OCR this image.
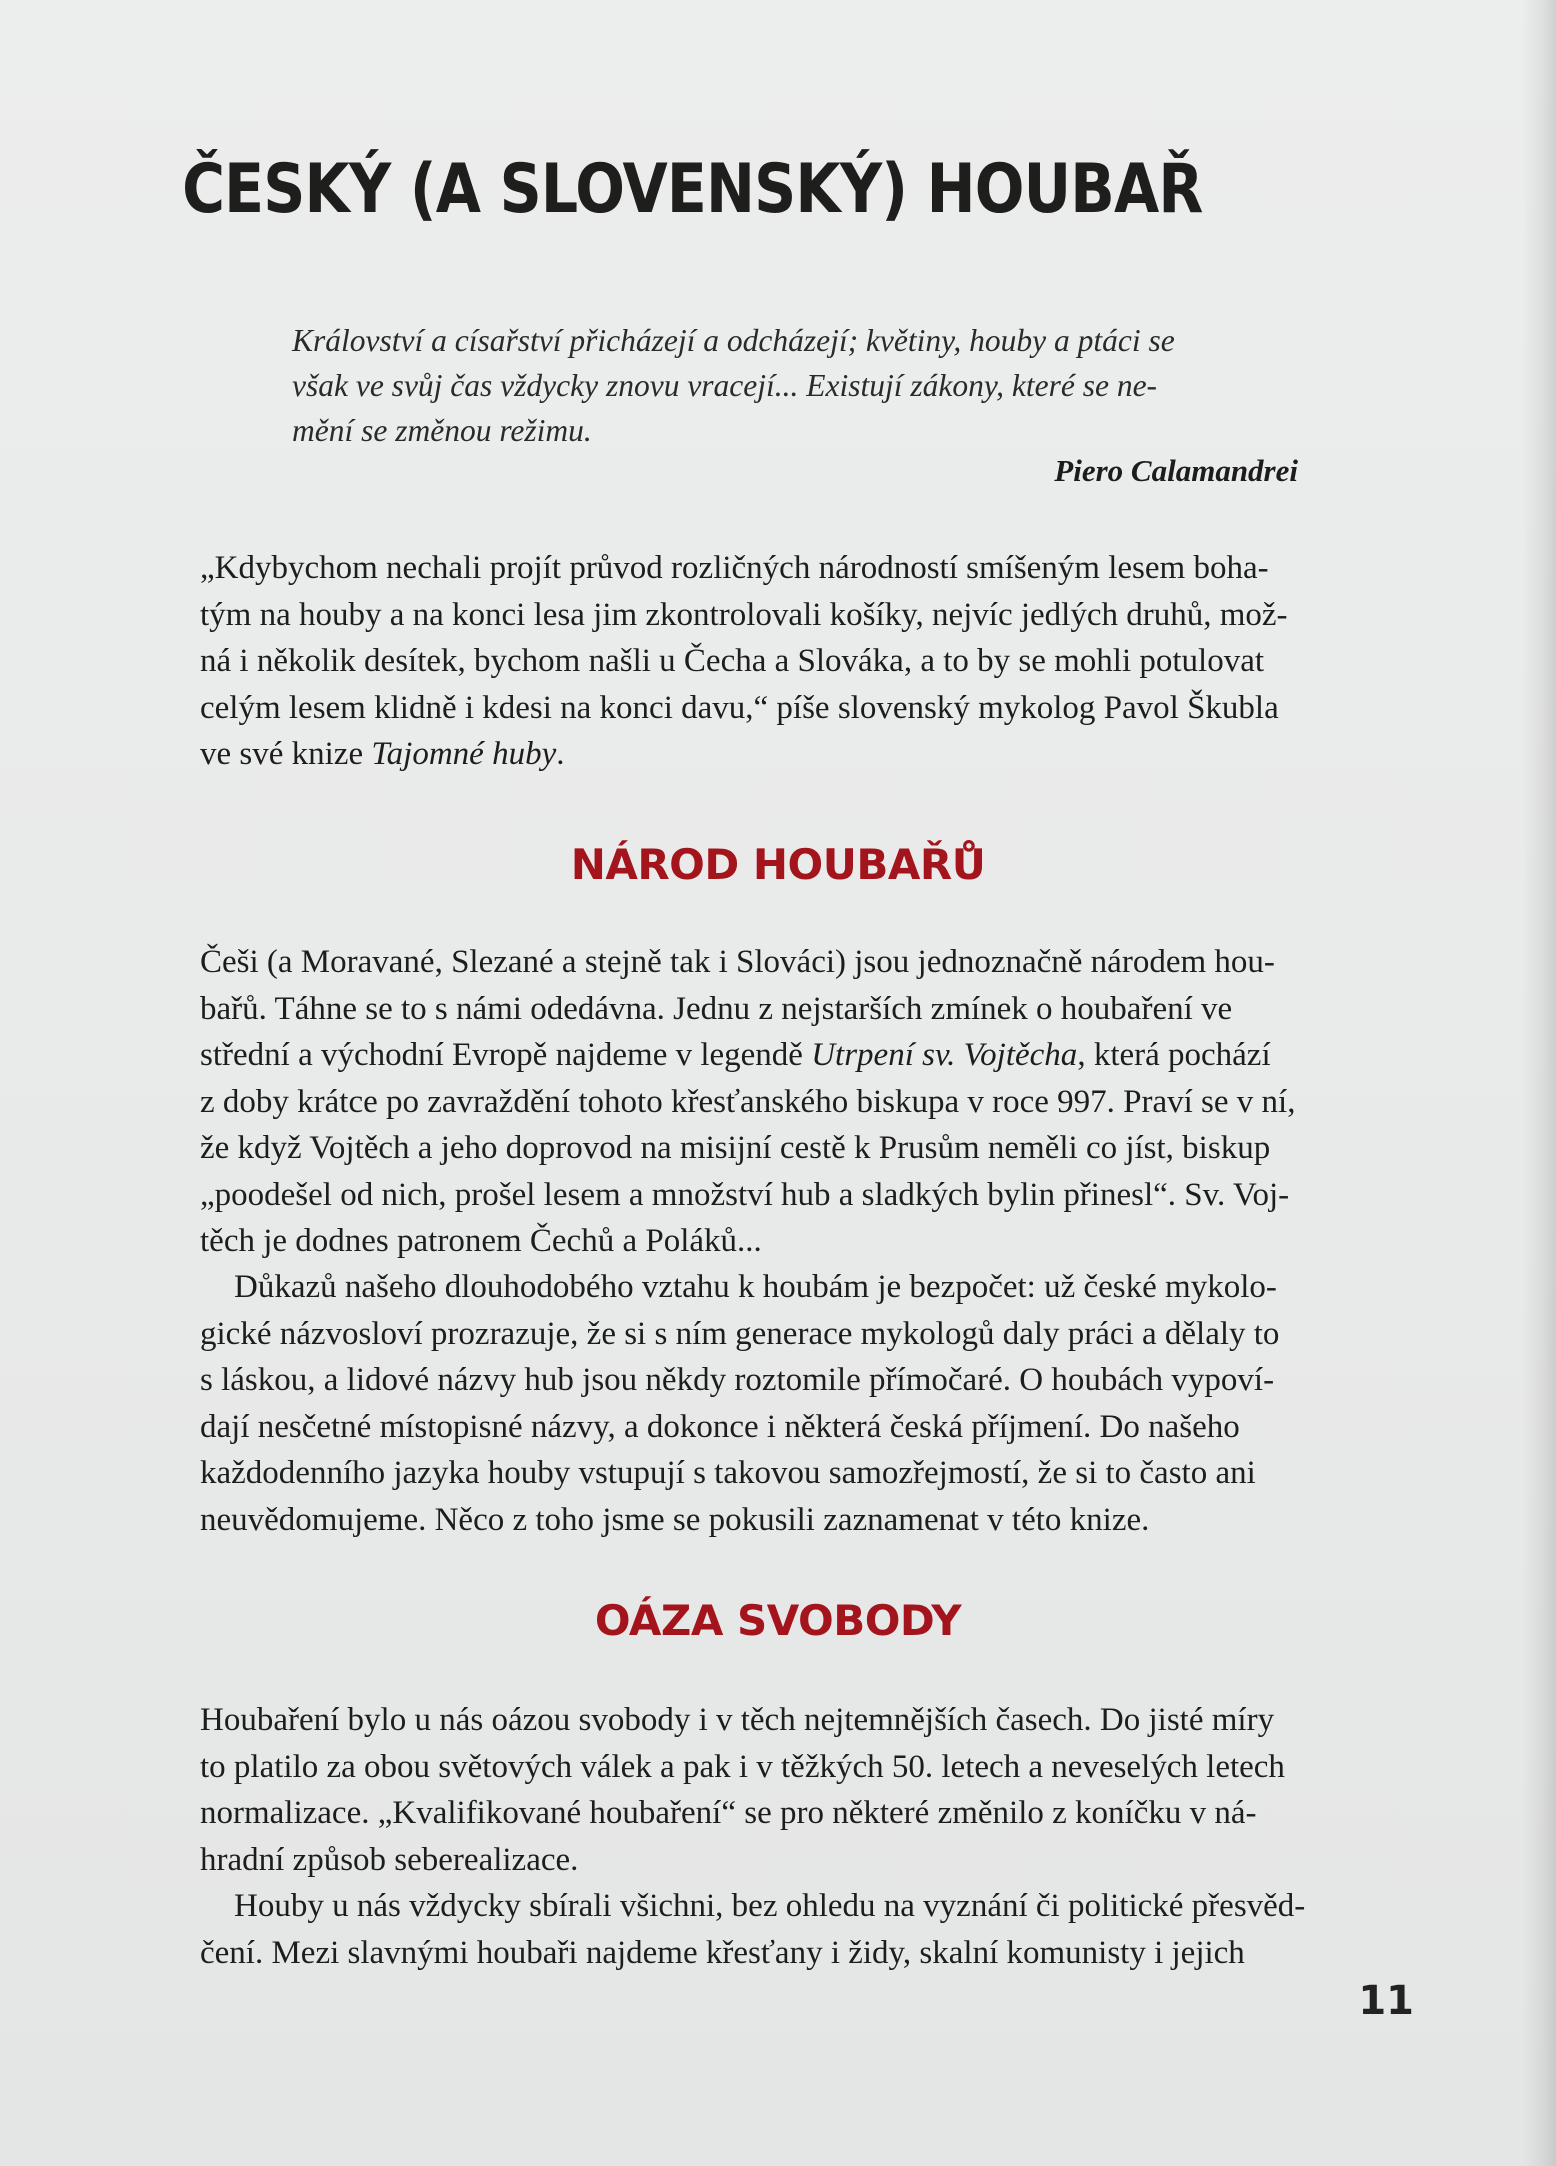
ČESKÝ (A SLOVENSKÝ) HOUBAŘ
Království a císařství přicházejí a odcházejí; květiny, houby a ptáci se
však ve svůj čas vždycky znovu vracejí... Existují zákony, které se ne-
mění se změnou režimu.
Piero Calamandrei
„Kdybychom nechali projít průvod rozličných národností smíšeným lesem boha-
tým na houby a na konci lesa jim zkontrolovali košíky, nejvíc jedlých druhů, mož-
ná i několik desítek, bychom našli u Čecha a Slováka, a to by se mohli potulovat
celým lesem klidně i kdesi na konci davu,“ píše slovenský mykolog Pavol Škubla
ve své knize Tajomné huby.
NÁROD HOUBAŘŮ
Češi (a Moravané, Slezané a stejně tak i Slováci) jsou jednoznačně národem hou-
bařů. Táhne se to s námi odedávna. Jednu z nejstarších zmínek o houbaření ve
střední a východní Evropě najdeme v legendě Utrpení sv. Vojtěcha, která pochází
z doby krátce po zavraždění tohoto křesťanského biskupa v roce 997. Praví se v ní,
že když Vojtěch a jeho doprovod na misijní cestě k Prusům neměli co jíst, biskup
„poodešel od nich, prošel lesem a množství hub a sladkých bylin přinesl“. Sv. Voj-
těch je dodnes patronem Čechů a Poláků...
Důkazů našeho dlouhodobého vztahu k houbám je bezpočet: už české mykolo-
gické názvosloví prozrazuje, že si s ním generace mykologů daly práci a dělaly to
s láskou, a lidové názvy hub jsou někdy roztomile přímočaré. O houbách vypoví-
dají nesčetné místopisné názvy, a dokonce i některá česká příjmení. Do našeho
každodenního jazyka houby vstupují s takovou samozřejmostí, že si to často ani
neuvědomujeme. Něco z toho jsme se pokusili zaznamenat v této knize.
OÁZA SVOBODY
Houbaření bylo u nás oázou svobody i v těch nejtemnějších časech. Do jisté míry
to platilo za obou světových válek a pak i v těžkých 50. letech a neveselých letech
normalizace. „Kvalifikované houbaření“ se pro některé změnilo z koníčku v ná-
hradní způsob seberealizace.
Houby u nás vždycky sbírali všichni, bez ohledu na vyznání či politické přesvěd-
čení. Mezi slavnými houbaři najdeme křesťany i židy, skalní komunisty i jejich
11
